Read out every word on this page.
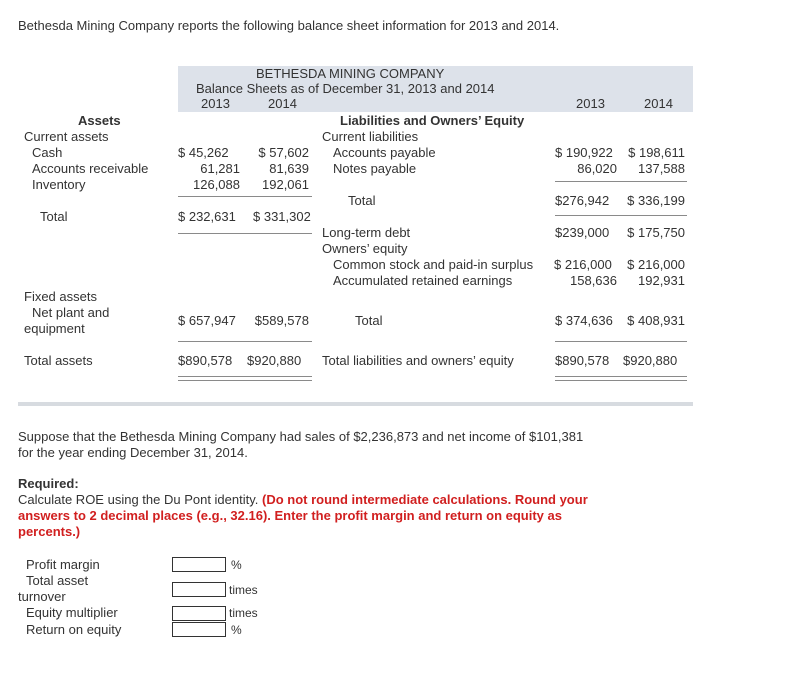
Bethesda Mining Company reports the following balance sheet information for 2013 and 2014.
BETHESDA MINING COMPANY
Balance Sheets as of December 31, 2013 and 2014
2013	2014	2013	2014
Assets
Current assets
Cash	$ 45,262	$ 57,602
Accounts receivable	61,281	81,639
Inventory	126,088	192,061
Total	$ 232,631 $ 331,302
Fixed assets
Net plant and
equipment
$ 657,947 $589,578
Total assets	$890,578 $920,880
Liabilities and Owners’ Equity
Current liabilities
Accounts payable	$ 190,922	$ 198,611
Notes payable	86,020	137,588
Total	$276,942	$ 336,199
Long-term debt	$239,000	$ 175,750
Owners’ equity
Common stock and paid-in surplus $ 216,000	$ 216,000
Accumulated retained earnings	158,636	192,931
Total	$ 374,636	$ 408,931
Total liabilities and owners’ equity	$890,578 $920,880
Suppose that the Bethesda Mining Company had sales of $2,236,873 and net income of $101,381 for the year ending December 31, 2014.
Required:
Calculate ROE using the Du Pont identity. (Do not round intermediate calculations. Round your answers to 2 decimal places (e.g., 32.16). Enter the profit margin and return on equity as percents.)
Profit margin	%
Total asset
turnover	times
Equity multiplier	times
Return on equity	%
